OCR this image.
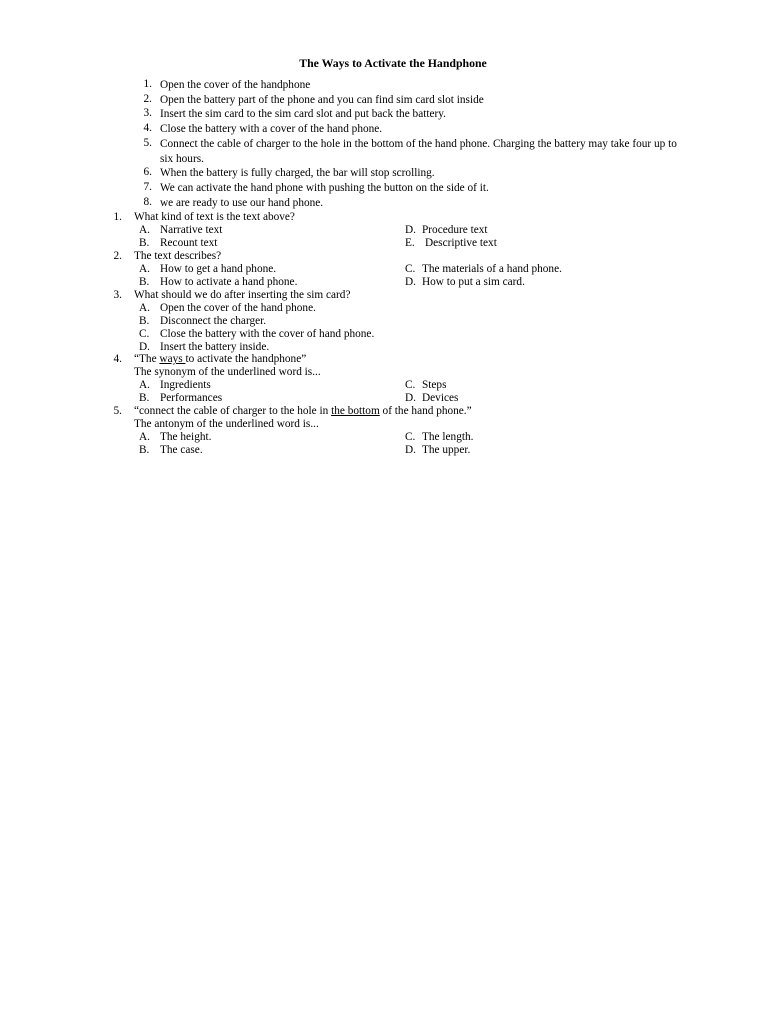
The Ways to Activate the Handphone
1. Open the cover of the handphone
2. Open the battery part of the phone and you can find sim card slot inside
3. Insert the sim card to the sim card slot and put back the battery.
4. Close the battery with a cover of the hand phone.
5. Connect the cable of charger to the hole in the bottom of the hand phone. Charging the battery may take four up to six hours.
6. When the battery is fully charged, the bar will stop scrolling.
7. We can activate the hand phone with pushing the button on the side of it.
8. we are ready to use our hand phone.
1. What kind of text is the text above?
A. Narrative text	D. Procedure text
B. Recount text	E. Descriptive text
2. The text describes?
A. How to get a hand phone.	C. The materials of a hand phone.
B. How to activate a hand phone.	D. How to put a sim card.
3. What should we do after inserting the sim card?
A. Open the cover of the hand phone.
B. Disconnect the charger.
C. Close the battery with the cover of hand phone.
D. Insert the battery inside.
4. “The ways to activate the handphone”
The synonym of the underlined word is...
A. Ingredients	C. Steps
B. Performances	D. Devices
5. “connect the cable of charger to the hole in the bottom of the hand phone.”
The antonym of the underlined word is...
A. The height.	C. The length.
B. The case.	D. The upper.
